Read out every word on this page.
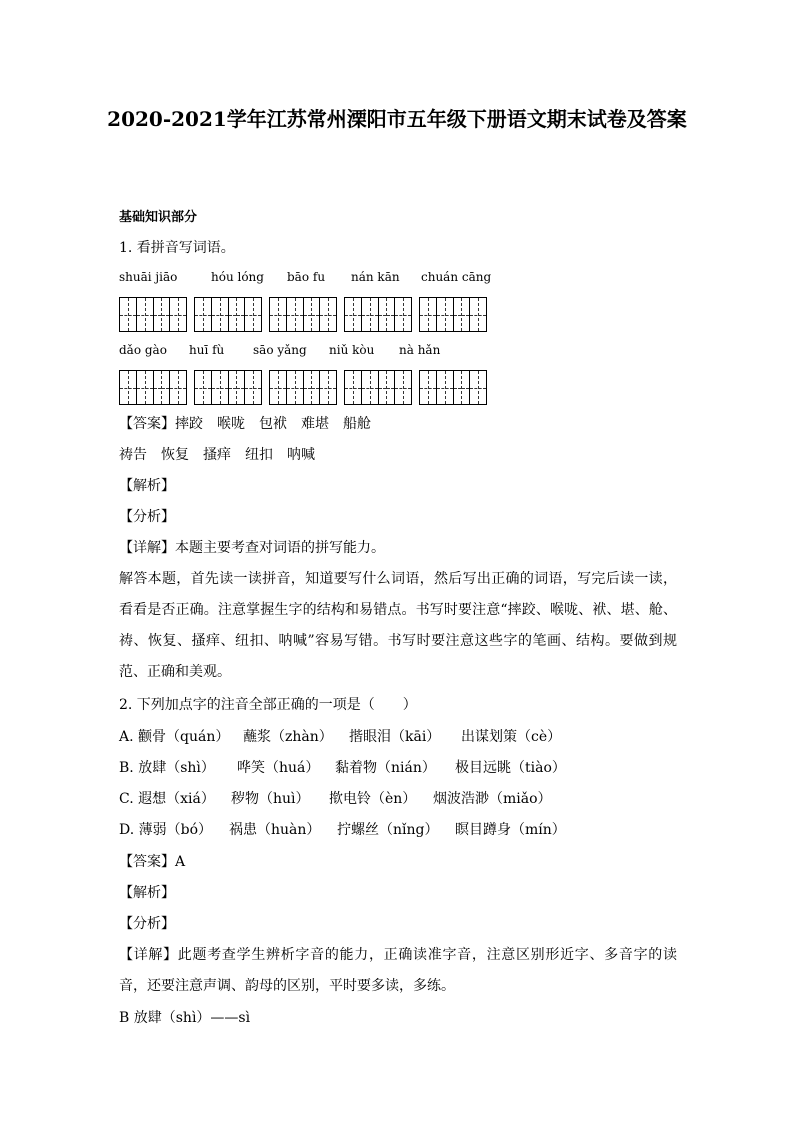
2020-2021学年江苏常州溧阳市五年级下册语文期末试卷及答案
基础知识部分
1. 看拼音写词语。
shuāi jiāo	hóu lóng bāo fu nán kān chuán cāng
dǎo gào huī fù sāo yǎng niǔ kòu nà hǎn
【答案】摔跤　喉咙　包袱　难堪　船舱
祷告　恢复　搔痒　纽扣　呐喊
【解析】
【分析】
【详解】本题主要考查对词语的拼写能力。
解答本题，首先读一读拼音，知道要写什么词语，然后写出正确的词语，写完后读一读，看看是否正确。注意掌握生字的结构和易错点。书写时要注意“摔跤、喉咙、袱、堪、舱、祷、恢复、搔痒、纽扣、呐喊”容易写错。书写时要注意这些字的笔画、结构。要做到规范、正确和美观。
2. 下列加点字的注音全部正确的一项是（　　）
A. 颧骨（quán） 蘸浆（zhàn） 揩眼泪（kāi） 出谋划策（cè）
B. 放肆（shì） 哗笑（huá） 黏着物（nián） 极目远眺（tiào）
C. 遐想（xiá） 秽物（huì） 揿电铃（èn） 烟波浩渺（miǎo）
D. 薄弱（bó） 祸患（huàn） 拧螺丝（nǐng） 瞑目蹲身（mín）
【答案】A
【解析】
【分析】
【详解】此题考查学生辨析字音的能力，正确读准字音，注意区别形近字、多音字的读音，还要注意声调、韵母的区别，平时要多读，多练。
B 放肆（shì）——sì
